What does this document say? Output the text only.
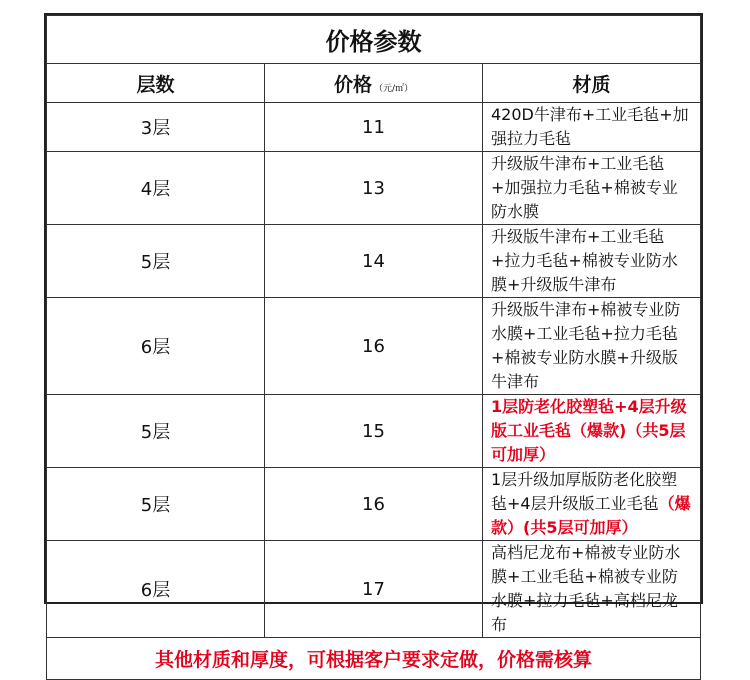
价格参数		
层数	价格 （元/㎡）	材质
3层	11	420D牛津布+工业毛毡+加强拉力毛毡
4层	13	升级版牛津布+工业毛毡+加强拉力毛毡+棉被专业防水膜
5层	14	升级版牛津布+工业毛毡+拉力毛毡+棉被专业防水膜+升级版牛津布
6层	16	升级版牛津布+棉被专业防水膜+工业毛毡+拉力毛毡+棉被专业防水膜+升级版牛津布
5层	15	1层防老化胶塑毡+4层升级版工业毛毡（爆款)（共5层可加厚）
5层	16	1层升级加厚版防老化胶塑毡+4层升级版工业毛毡（爆款）(共5层可加厚）
6层	17	高档尼龙布+棉被专业防水膜+工业毛毡+棉被专业防水膜+拉力毛毡+高档尼龙布
其他材质和厚度，可根据客户要求定做，价格需核算		
